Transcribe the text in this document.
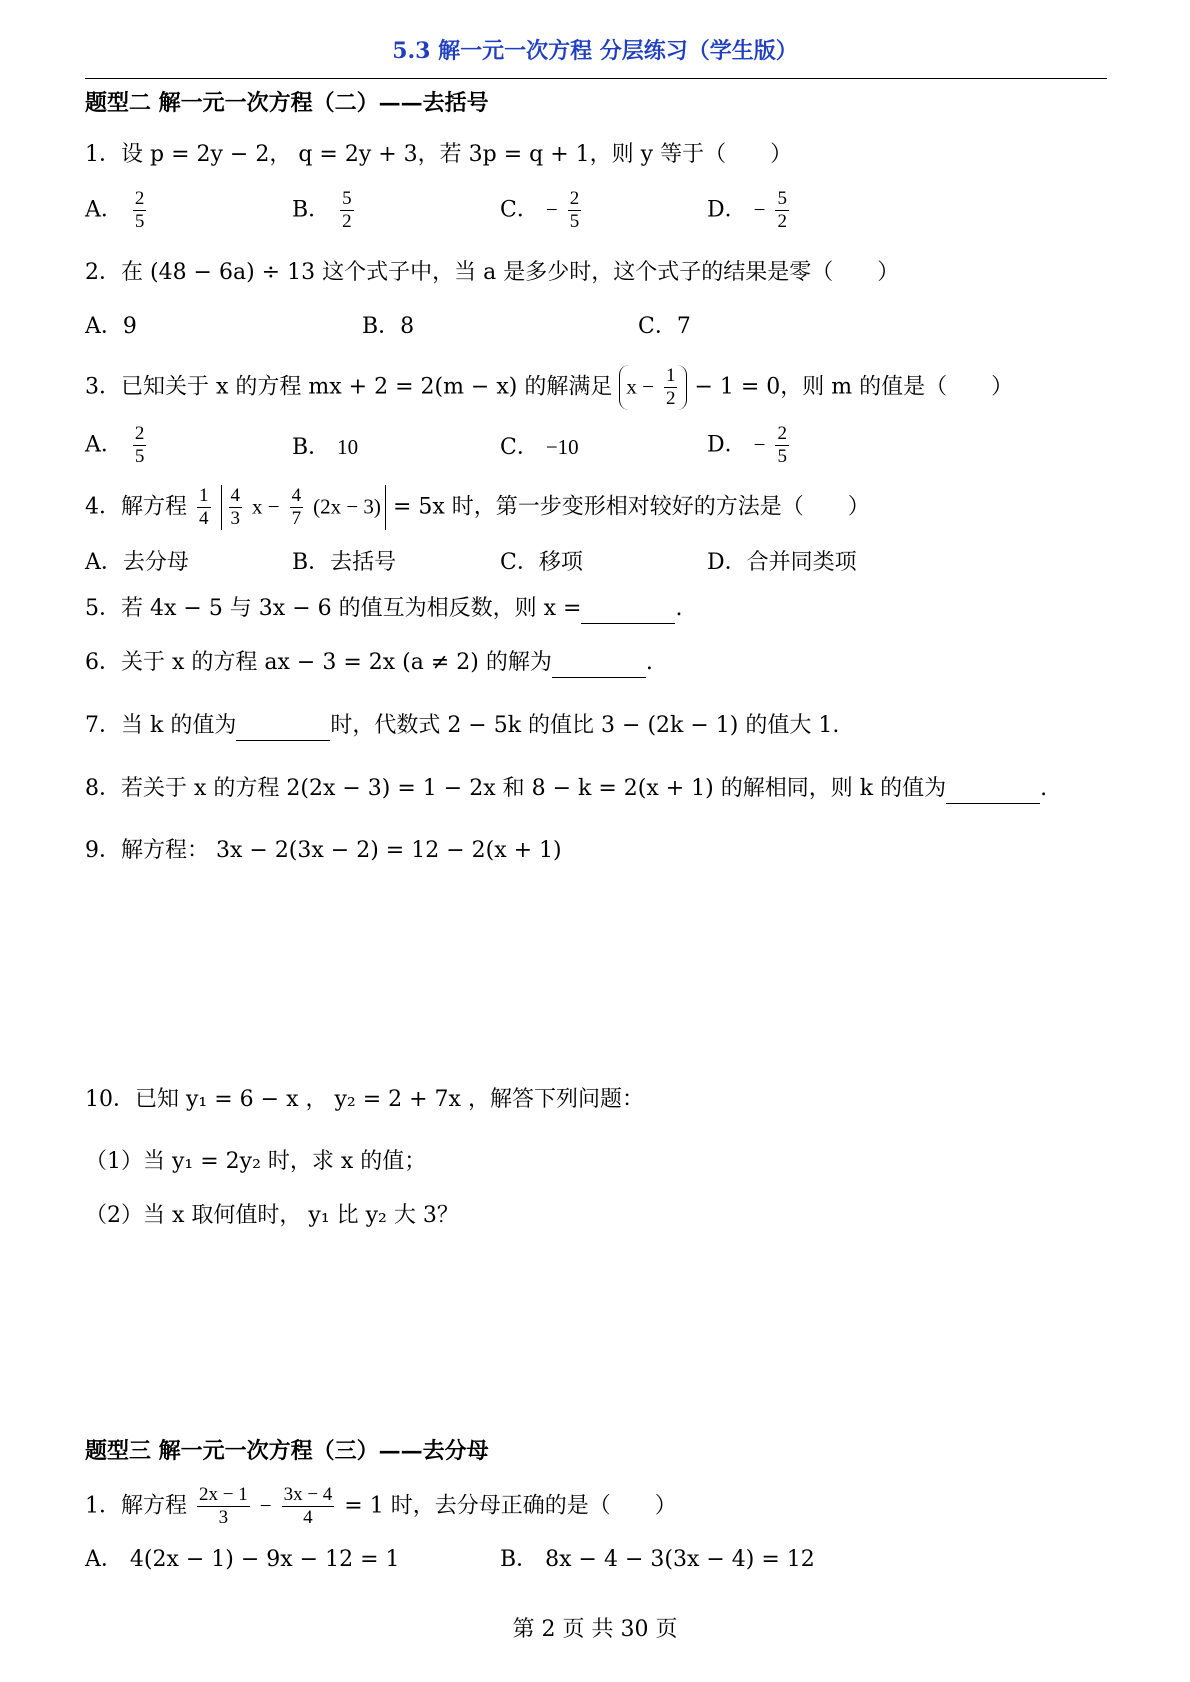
5.3 解一元一次方程 分层练习（学生版）
题型二 解一元一次方程（二）——去括号
1．设 p = 2y − 2， q = 2y + 3，若 3p = q + 1，则 y 等于（　　）
A． $\frac{2}{5}$	B． $\frac{5}{2}$	C． − $\frac{2}{5}$	D． − $\frac{5}{2}$
2．在 (48 − 6a) ÷ 13 这个式子中，当 a 是多少时，这个式子的结果是零（　　）
A．9	B．8	C．7
3．已知关于 x 的方程 mx + 2 = 2(m − x) 的解满足 $x - \frac{1}{2} - 1 = 0$，则 m 的值是（　　）
A． $\frac{2}{5}$	B． 10	C． −10	D． − $\frac{2}{5}$
4．解方程 $\frac{1}{4}$
$\frac{4}{3}$ $x - \frac{4}{7} (2x - 3) = 5x$ 时，第一步变形相对较好的方法是（　　）
A．去分母	B．去括号	C．移项	D．合并同类项
5．若 4x − 5 与 3x − 6 的值互为相反数，则 x =	.
6．关于 x 的方程 ax − 3 = 2x (a ≠ 2) 的解为	.
7．当 k 的值为	时，代数式 2 − 5k 的值比 3 − (2k − 1) 的值大 1.
8．若关于 x 的方程 2(2x − 3) = 1 − 2x 和 8 − k = 2(x + 1) 的解相同，则 k 的值为	.
9．解方程： 3x − 2(3x − 2) = 12 − 2(x + 1)
10．已知 y₁ = 6 − x ， y₂ = 2 + 7x ，解答下列问题：
（1）当 y₁ = 2y₂ 时，求 x 的值；
（2）当 x 取何值时， y₁ 比 y₂ 大 3？
题型三 解一元一次方程（三）——去分母
1．解方程 $\frac{2x - 1}{3} - \frac{3x - 4}{4} = 1$ 时，去分母正确的是（　　）
A． 4(2x − 1) − 9x − 12 = 1	B． 8x − 4 − 3(3x − 4) = 12
第 2 页 共 30 页
